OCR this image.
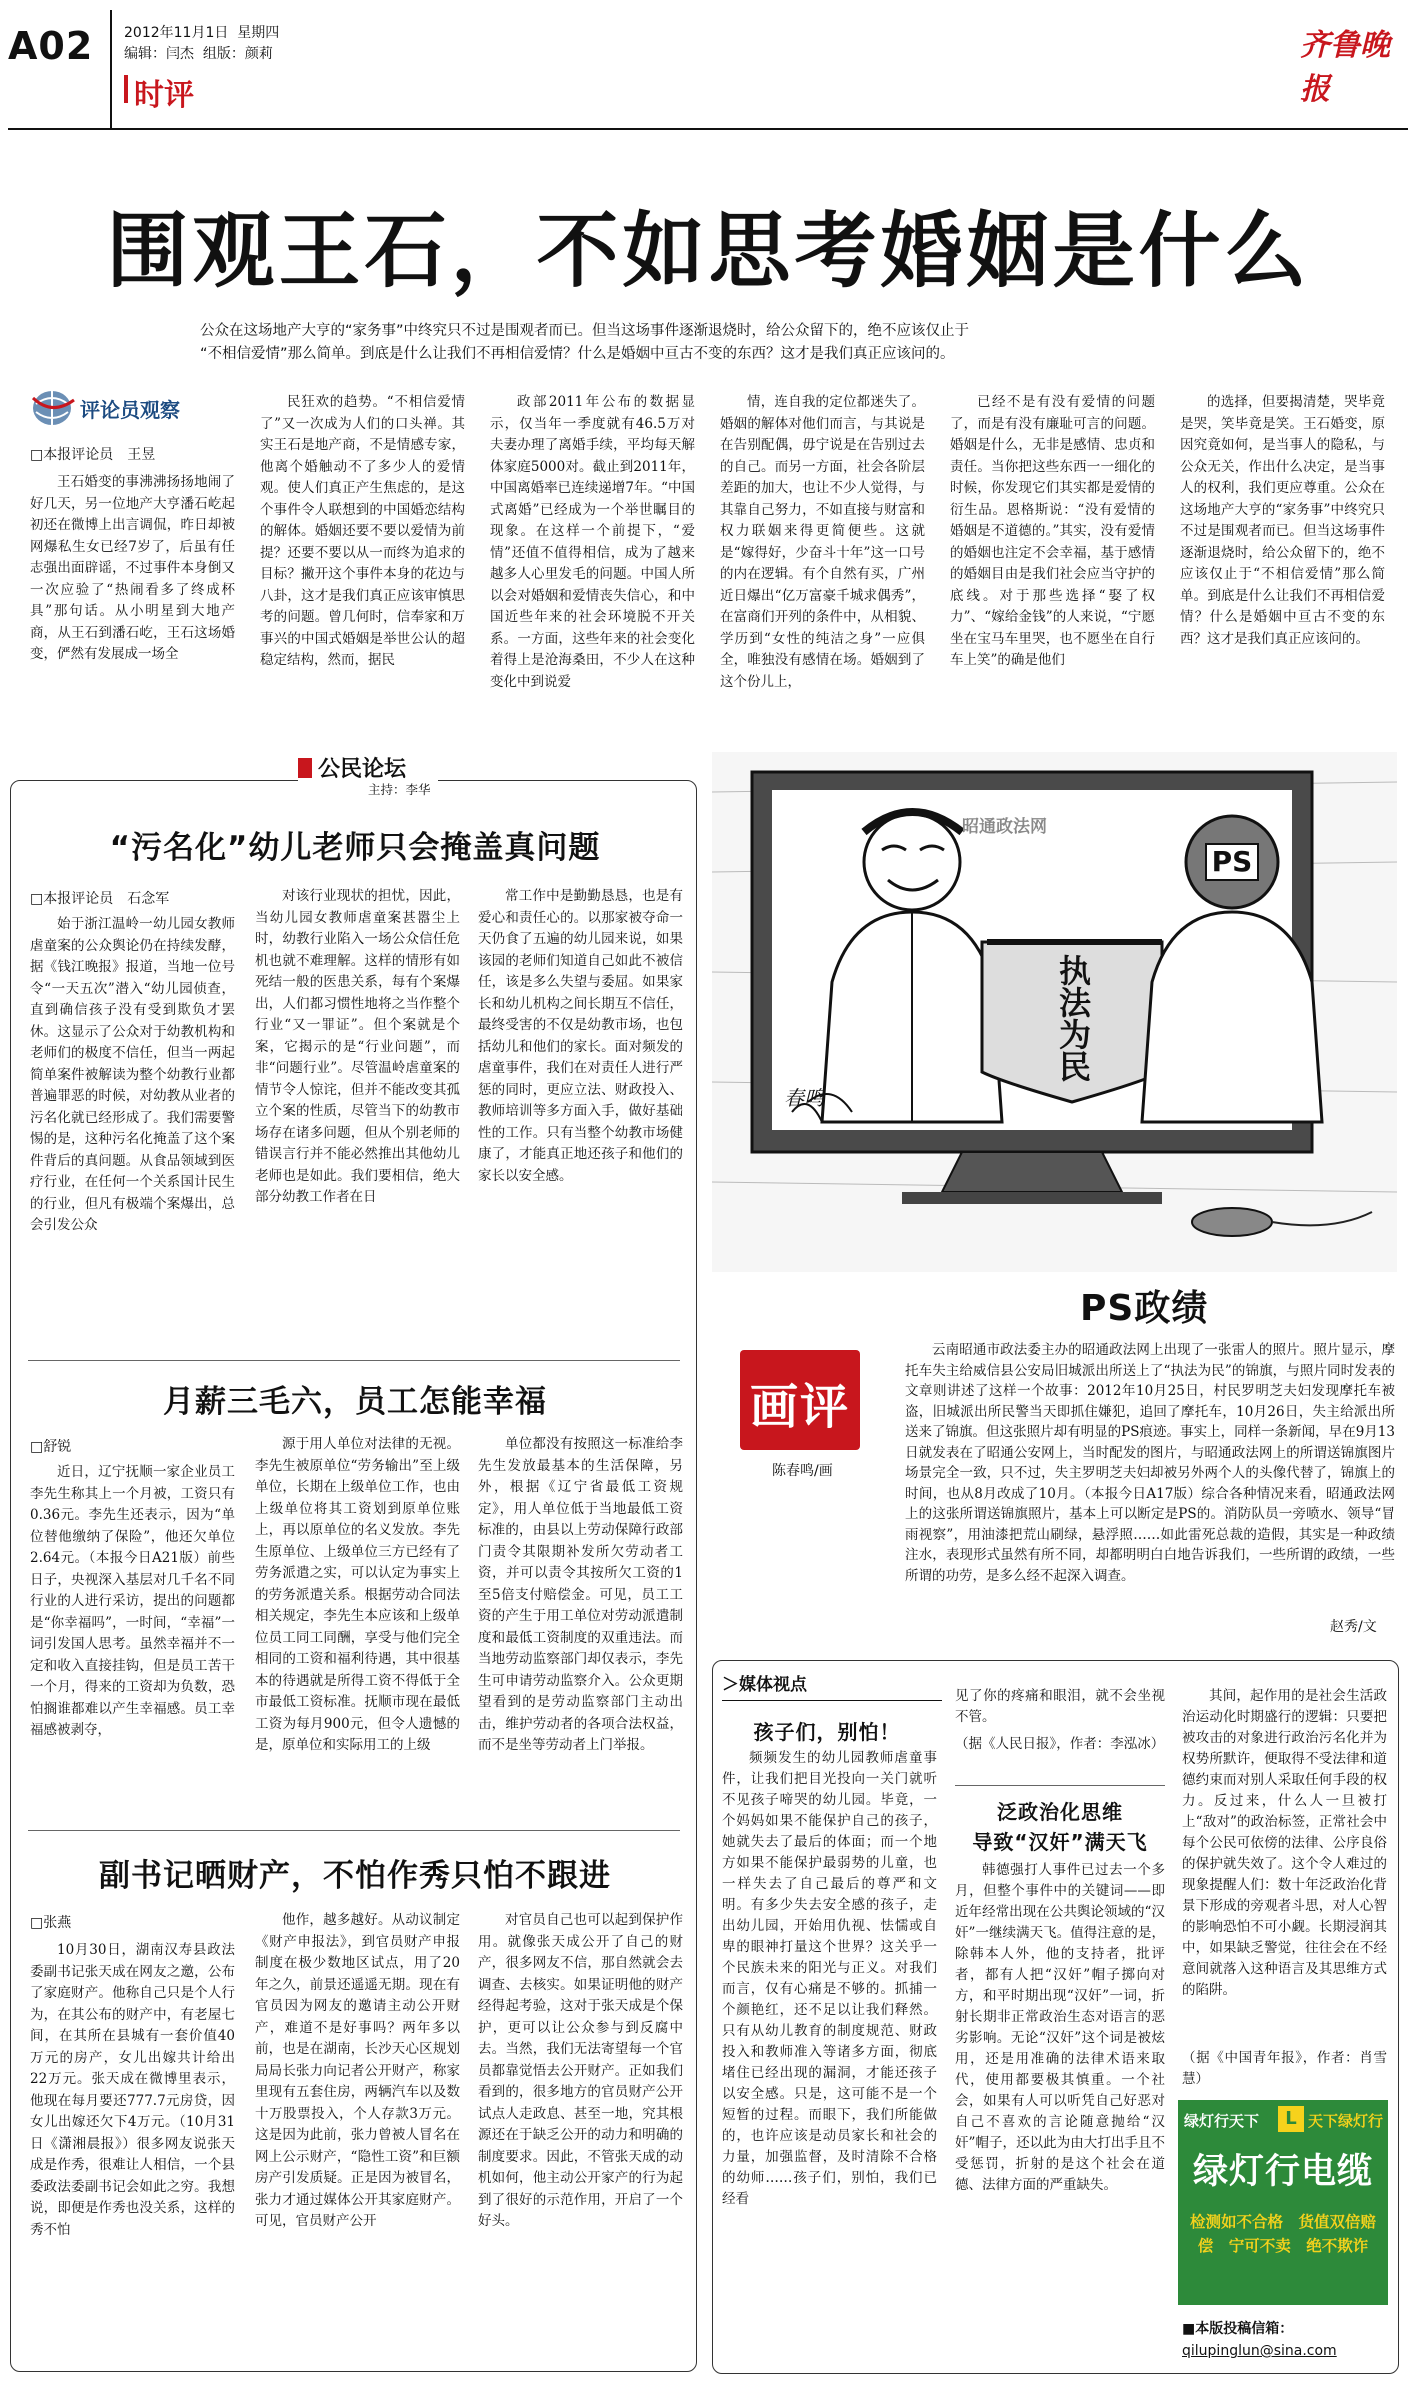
A02 2012年11月1日 星期四
编辑：闫杰 组版：颜莉
时评
齐鲁晚报
围观王石，不如思考婚姻是什么
公众在这场地产大亨的“家务事”中终究只不过是围观者而已。但当这场事件逐渐退烧时，给公众留下的，绝不应该仅止于
“不相信爱情”那么简单。到底是什么让我们不再相信爱情？什么是婚姻中亘古不变的东西？这才是我们真正应该问的。
评论员观察
□本报评论员　王昱

王石婚变的事沸沸扬扬地闹了好几天，另一位地产大亨潘石屹起初还在微博上出言调侃，昨日却被网爆私生女已经7岁了，后虽有任志强出面辟谣，不过事件本身倒又一次应验了“热闹看多了终成杯具”那句话。从小明星到大地产商，从王石到潘石屹，王石这场婚变，俨然有发展成一场全

民狂欢的趋势。“不相信爱情了”又一次成为人们的口头禅。其实王石是地产商，不是情感专家，他离个婚触动不了多少人的爱情观。使人们真正产生焦虑的，是这个事件令人联想到的中国婚恋结构的解体。婚姻还要不要以爱情为前提？还要不要以从一而终为追求的目标？撇开这个事件本身的花边与八卦，这才是我们真正应该审慎思考的问题。曾几何时，信奉家和万事兴的中国式婚姻是举世公认的超稳定结构，然而，据民

政部2011年公布的数据显示，仅当年一季度就有46.5万对夫妻办理了离婚手续，平均每天解体家庭5000对。截止到2011年，中国离婚率已连续递增7年。“中国式离婚”已经成为一个举世瞩目的现象。在这样一个前提下，“爱情”还值不值得相信，成为了越来越多人心里发毛的问题。中国人所以会对婚姻和爱情丧失信心，和中国近些年来的社会环境脱不开关系。一方面，这些年来的社会变化着得上是沧海桑田，不少人在这种变化中到说爱

情，连自我的定位都迷失了。婚姻的解体对他们而言，与其说是在告别配偶，毋宁说是在告别过去的自己。而另一方面，社会各阶层差距的加大，也让不少人觉得，与其靠自己努力，不如直接与财富和权力联姻来得更简便些。这就是“嫁得好，少奋斗十年”这一口号的内在逻辑。有个自然有买，广州近日爆出“亿万富豪千城求偶秀”，在富商们开列的条件中，从相貌、学历到“女性的纯洁之身”一应俱全，唯独没有感情在场。婚姻到了这个份儿上，

已经不是有没有爱情的问题了，而是有没有廉耻可言的问题。婚姻是什么，无非是感情、忠贞和责任。当你把这些东西一一细化的时候，你发现它们其实都是爱情的衍生品。恩格斯说：“没有爱情的婚姻是不道德的。”其实，没有爱情的婚姻也注定不会幸福，基于感情的婚姻目由是我们社会应当守护的底线。对于那些选择“娶了权力”、“嫁给金钱”的人来说，“宁愿坐在宝马车里哭，也不愿坐在自行车上笑”的确是他们

的选择，但要揭清楚，哭毕竟是哭，笑毕竟是笑。王石婚变，原因究竟如何，是当事人的隐私，与公众无关，作出什么决定，是当事人的权利，我们更应尊重。公众在这场地产大亨的“家务事”中终究只不过是围观者而已。但当这场事件逐渐退烧时，给公众留下的，绝不应该仅止于“不相信爱情”那么简单。到底是什么让我们不再相信爱情？什么是婚姻中亘古不变的东西？这才是我们真正应该问的。

公民论坛
主持：李华
“污名化”幼儿老师只会掩盖真问题
□本报评论员　石念军

始于浙江温岭一幼儿园女教师虐童案的公众舆论仍在持续发酵，据《钱江晚报》报道，当地一位号令“一天五次”潜入“幼儿园侦查，直到确信孩子没有受到欺负才罢休。这显示了公众对于幼教机构和老师们的极度不信任，但当一两起简单案件被解读为整个幼教行业都普遍罪恶的时候，对幼教从业者的污名化就已经形成了。我们需要警惕的是，这种污名化掩盖了这个案件背后的真问题。从食品领域到医疗行业，在任何一个关系国计民生的行业，但凡有极端个案爆出，总会引发公众

对该行业现状的担忧，因此，当幼儿园女教师虐童案甚嚣尘上时，幼教行业陷入一场公众信任危机也就不难理解。这样的情形有如死结一般的医患关系，每有个案爆出，人们都习惯性地将之当作整个行业“又一罪证”。但个案就是个案，它揭示的是“行业问题”，而非“问题行业”。尽管温岭虐童案的情节令人惊诧，但并不能改变其孤立个案的性质，尽管当下的幼教市场存在诸多问题，但从个别老师的错误言行并不能必然推出其他幼儿老师也是如此。我们要相信，绝大部分幼教工作者在日

常工作中是勤勤恳恳，也是有爱心和责任心的。以那家被夺命一天仍食了五遍的幼儿园来说，如果该园的老师们知道自己如此不被信任，该是多么失望与委屈。如果家长和幼儿机构之间长期互不信任，最终受害的不仅是幼教市场，也包括幼儿和他们的家长。面对频发的虐童事件，我们在对责任人进行严惩的同时，更应立法、财政投入、教师培训等多方面入手，做好基础性的工作。只有当整个幼教市场健康了，才能真正地还孩子和他们的家长以安全感。

月薪三毛六，员工怎能幸福
□舒锐

近日，辽宁抚顺一家企业员工李先生称其上一个月被，工资只有0.36元。李先生还表示，因为“单位替他缴纳了保险”，他还欠单位2.64元。（本报今日A21版）前些日子，央视深入基层对几千名不同行业的人进行采访，提出的问题都是“你幸福吗”，一时间，“幸福”一词引发国人思考。虽然幸福并不一定和收入直接挂钩，但是员工苦干一个月，得来的工资却为负数，恐怕搁谁都难以产生幸福感。员工幸福感被剥夺，

源于用人单位对法律的无视。李先生被原单位“劳务输出”至上级单位，长期在上级单位工作，也由上级单位将其工资划到原单位账上，再以原单位的名义发放。李先生原单位、上级单位三方已经有了劳务派遣之实，可以认定为事实上的劳务派遣关系。根据劳动合同法相关规定，李先生本应该和上级单位员工同工同酬，享受与他们完全相同的工资和福利待遇，其中很基本的待遇就是所得工资不得低于全市最低工资标准。抚顺市现在最低工资为每月900元，但令人遗憾的是，原单位和实际用工的上级

单位都没有按照这一标准给李先生发放最基本的生活保障，另外，根据《辽宁省最低工资规定》，用人单位低于当地最低工资标准的，由县以上劳动保障行政部门责令其限期补发所欠劳动者工资，并可以责令其按所欠工资的1至5倍支付赔偿金。可见，员工工资的产生于用工单位对劳动派遣制度和最低工资制度的双重违法。而当地劳动监察部门却仅表示，李先生可申请劳动监察介入。公众更期望看到的是劳动监察部门主动出击，维护劳动者的各项合法权益，而不是坐等劳动者上门举报。

副书记晒财产，不怕作秀只怕不跟进
□张燕

10月30日，湖南汉寿县政法委副书记张天成在网友之邀，公布了家庭财产。他称自己只是个人行为，在其公布的财产中，有老屋七间，在其所在县城有一套价值40万元的房产，女儿出嫁共计给出22万元。张天成在微博里表示，他现在每月要还777.7元房贷，因女儿出嫁还欠下4万元。（10月31日《潇湘晨报》）很多网友说张天成是作秀，很难让人相信，一个县委政法委副书记会如此之穷。我想说，即便是作秀也没关系，这样的秀不怕

他作，越多越好。从动议制定《财产申报法》，到官员财产申报制度在极少数地区试点，用了20年之久，前景还遥遥无期。现在有官员因为网友的邀请主动公开财产，难道不是好事吗？两年多以前，也是在湖南，长沙天心区规划局局长张力向记者公开财产，称家里现有五套住房，两辆汽车以及数十万股票投入，个人存款3万元。这是因为此前，张力曾被人冒名在网上公示财产，“隐性工资”和巨额房产引发质疑。正是因为被冒名，张力才通过媒体公开其家庭财产。可见，官员财产公开

对官员自己也可以起到保护作用。就像张天成公开了自己的财产，很多网友不信，那自然就会去调查、去核实。如果证明他的财产经得起考验，这对于张天成是个保护，更可以让公众参与到反腐中去。当然，我们无法寄望每一个官员都靠觉悟去公开财产。正如我们看到的，很多地方的官员财产公开试点人走政息、甚至一地，究其根源还在于缺乏公开的动力和明确的制度要求。因此，不管张天成的动机如何，他主动公开家产的行为起到了很好的示范作用，开启了一个好头。

昭通政法网
执法为民
PS
春鸣
PS政绩
画评
陈春鸣/画

云南昭通市政法委主办的昭通政法网上出现了一张雷人的照片。照片显示，摩托车失主给威信县公安局旧城派出所送上了“执法为民”的锦旗，与照片同时发表的文章则讲述了这样一个故事：2012年10月25日，村民罗明芝夫妇发现摩托车被盗，旧城派出所民警当天即抓住嫌犯，追回了摩托车，10月26日，失主给派出所送来了锦旗。但这张照片却有明显的PS痕迹。事实上，同样一条新闻，早在9月13日就发表在了昭通公安网上，当时配发的图片，与昭通政法网上的所谓送锦旗图片场景完全一致，只不过，失主罗明芝夫妇却被另外两个人的头像代替了，锦旗上的时间，也从8月改成了10月。（本报今日A17版）综合各种情况来看，昭通政法网上的这张所谓送锦旗照片，基本上可以断定是PS的。消防队员一旁喷水、领导“冒雨视察”，用油漆把荒山刷绿，悬浮照……如此雷死总裁的造假，其实是一种政绩注水，表现形式虽然有所不同，却都明明白白地告诉我们，一些所谓的政绩，一些所谓的功劳，是多么经不起深入调查。

赵秀/文
＞媒体视点
孩子们，别怕！

频频发生的幼儿园教师虐童事件，让我们把目光投向一关门就听不见孩子啼哭的幼儿园。毕竟，一个妈妈如果不能保护自己的孩子，她就失去了最后的体面；而一个地方如果不能保护最弱势的儿童，也一样失去了自己最后的尊严和文明。有多少失去安全感的孩子，走出幼儿园，开始用仇视、怯懦或自卑的眼神打量这个世界？这关乎一个民族未来的阳光与正义。对我们而言，仅有心痛是不够的。抓捕一个颜艳红，还不足以让我们释然。只有从幼儿教育的制度规范、财政投入和教师准入等诸多方面，彻底堵住已经出现的漏洞，才能还孩子以安全感。只是，这可能不是一个短暂的过程。而眼下，我们所能做的，也许应该是动员家长和社会的力量，加强监督，及时清除不合格的幼师……孩子们，别怕，我们已经看

见了你的疼痛和眼泪，就不会坐视不管。
（据《人民日报》，作者：李泓冰）
泛政治化思维
导致“汉奸”满天飞

韩德强打人事件已过去一个多月，但整个事件中的关键词——即近年经常出现在公共舆论领域的“汉奸”一继续满天飞。值得注意的是，除韩本人外，他的支持者，批评者，都有人把“汉奸”帽子掷向对方，和平时期出现“汉奸”一词，折射长期非正常政治生态对语言的恶劣影响。无论“汉奸”这个词是被炫用，还是用准确的法律术语来取代，使用都要极其慎重。一个社会，如果有人可以听凭自己好恶对自己不喜欢的言论随意抛给“汉奸”帽子，还以此为由大打出手且不受惩罚，折射的是这个社会在道德、法律方面的严重缺失。

其间，起作用的是社会生活政治运动化时期盛行的逻辑：只要把被攻击的对象进行政治污名化并为权势所默许，便取得不受法律和道德约束而对别人采取任何手段的权力。反过来，什么人一旦被打上“敌对”的政治标签，正常社会中每个公民可依傍的法律、公序良俗的保护就失效了。这个令人难过的现象提醒人们：数十年泛政治化背景下形成的旁观者斗思，对人心智的影响恐怕不可小觑。长期浸润其中，如果缺乏警觉，往往会在不经意间就落入这种语言及其思维方式的陷阱。

（据《中国青年报》，作者：肖雪慧）
绿灯行天下	L 天下绿灯行
绿灯行电缆
检测如不合格　货值双倍赔偿　宁可不卖　绝不欺诈
■本版投稿信箱：
qilupinglun@sina.com
